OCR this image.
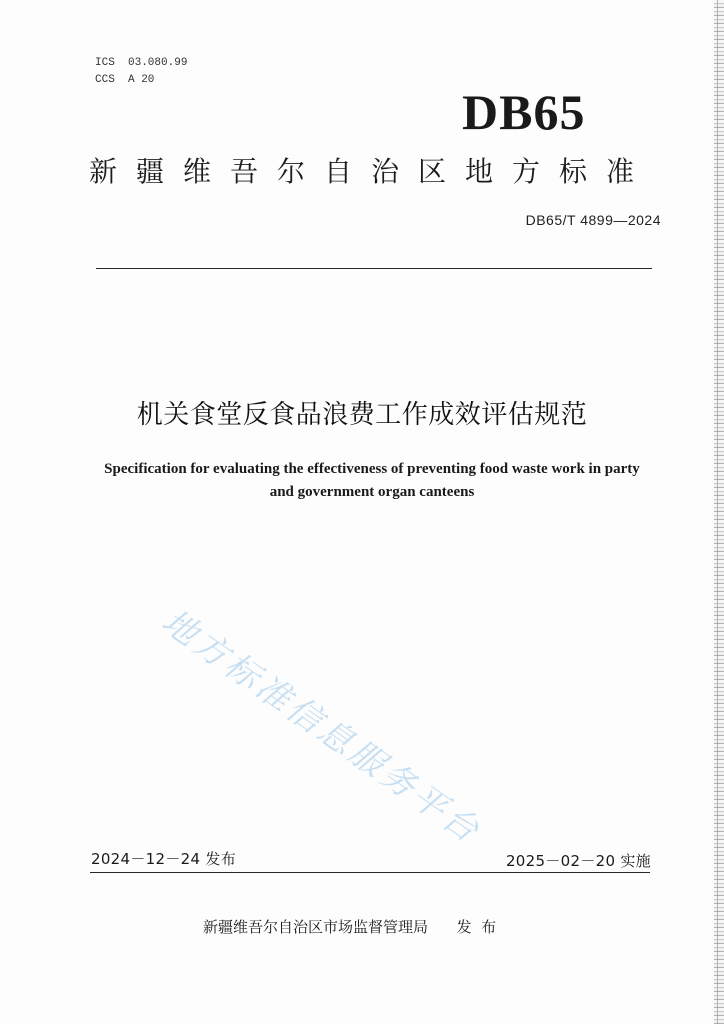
ICS  03.080.99
CCS  A 20
DB65
新疆维吾尔自治区地方标准
DB65/T 4899—2024
机关食堂反食品浪费工作成效评估规范
Specification for evaluating the effectiveness of preventing food waste work in party and government organ canteens
地方标准信息服务平台
2024－12－24 发布	2025－02－20 实施
新疆维吾尔自治区市场监督管理局      发  布
